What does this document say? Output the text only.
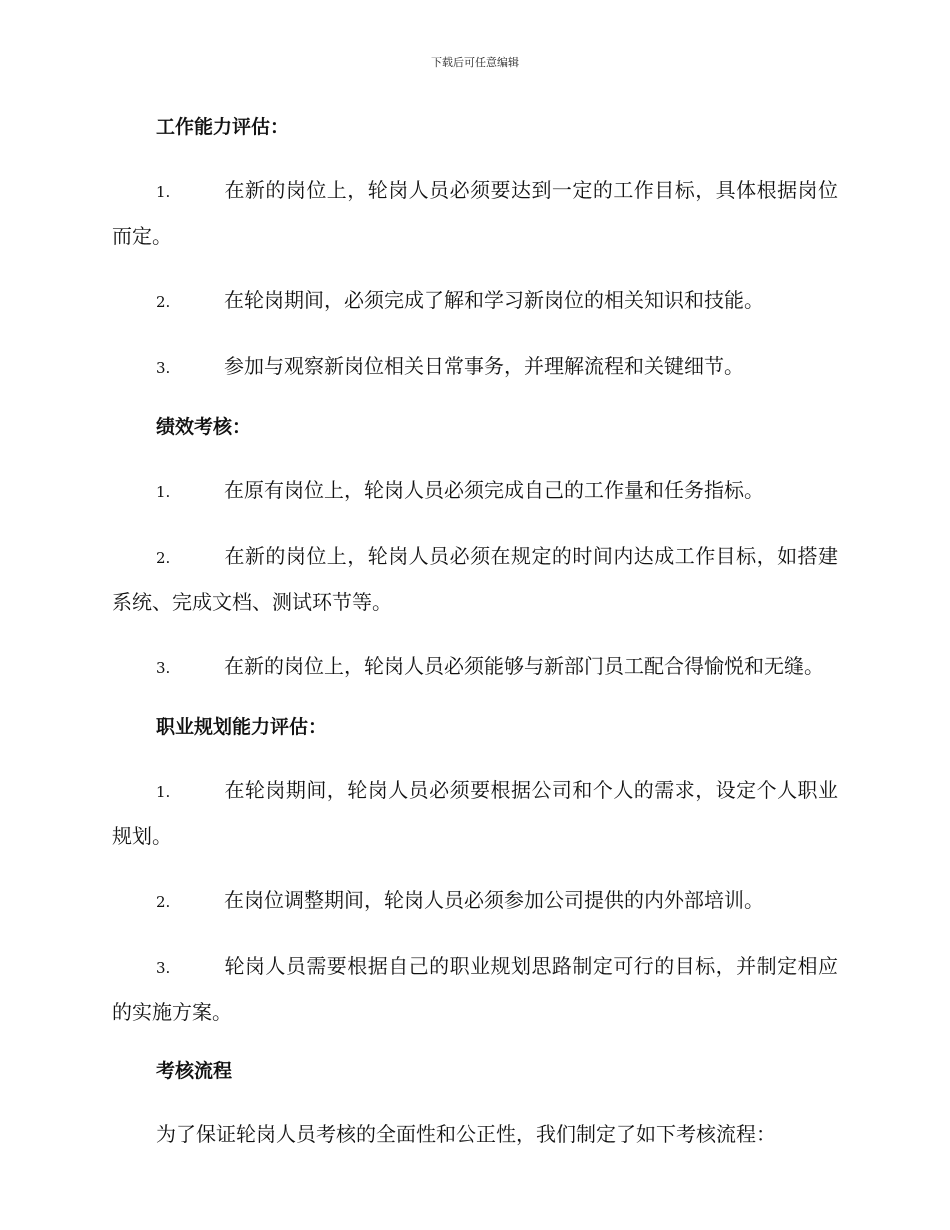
下载后可任意编辑
工作能力评估：

1.	在新的岗位上，轮岗人员必须要达到一定的工作目标，具体根据岗位而定。

2.	在轮岗期间，必须完成了解和学习新岗位的相关知识和技能。

3.	参加与观察新岗位相关日常事务，并理解流程和关键细节。

绩效考核：

1.	在原有岗位上，轮岗人员必须完成自己的工作量和任务指标。

2.	在新的岗位上，轮岗人员必须在规定的时间内达成工作目标，如搭建系统、完成文档、测试环节等。

3.	在新的岗位上，轮岗人员必须能够与新部门员工配合得愉悦和无缝。

职业规划能力评估：

1.	在轮岗期间，轮岗人员必须要根据公司和个人的需求，设定个人职业规划。

2.	在岗位调整期间，轮岗人员必须参加公司提供的内外部培训。

3.	轮岗人员需要根据自己的职业规划思路制定可行的目标，并制定相应的实施方案。

考核流程

为了保证轮岗人员考核的全面性和公正性，我们制定了如下考核流程：
